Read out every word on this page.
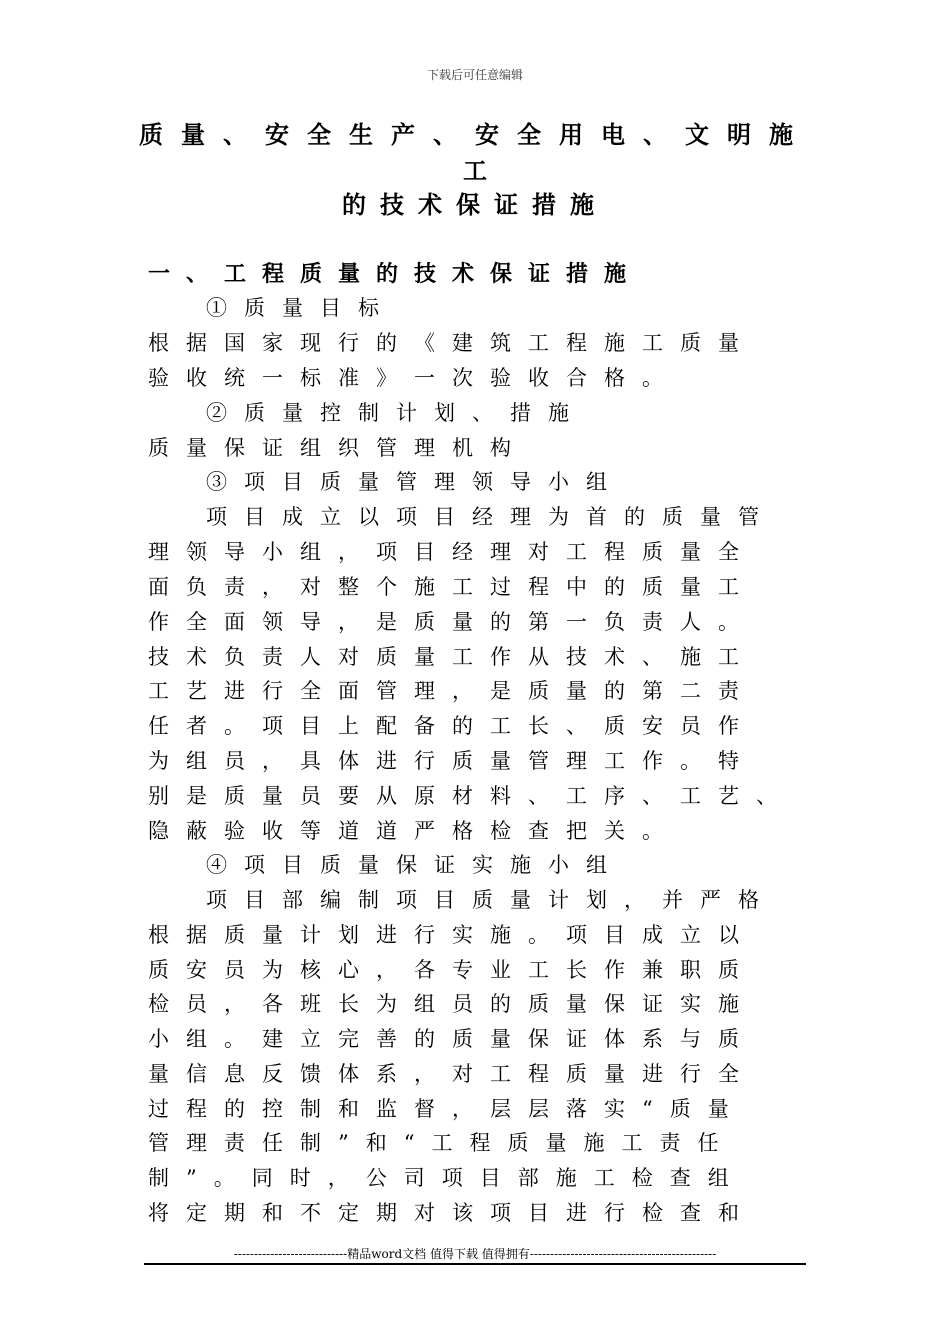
下载后可任意编辑
质量、安全生产、安全用电、文明施
工
的技术保证措施
一、工程质量的技术保证措施
①质量目标
根据国家现行的《建筑工程施工质量
验收统一标准》一次验收合格。
②质量控制计划、措施
质量保证组织管理机构
③项目质量管理领导小组
项目成立以项目经理为首的质量管
理领导小组，项目经理对工程质量全
面负责，对整个施工过程中的质量工
作全面领导，是质量的第一负责人。
技术负责人对质量工作从技术、施工
工艺进行全面管理，是质量的第二责
任者。项目上配备的工长、质安员作
为组员，具体进行质量管理工作。特
别是质量员要从原材料、工序、工艺、
隐蔽验收等道道严格检查把关。
④项目质量保证实施小组
项目部编制项目质量计划，并严格
根据质量计划进行实施。项目成立以
质安员为核心，各专业工长作兼职质
检员，各班长为组员的质量保证实施
小组。建立完善的质量保证体系与质
量信息反馈体系，对工程质量进行全
过程的控制和监督，层层落实“质量
管理责任制”和“工程质量施工责任
制”。同时，公司项目部施工检查组
将定期和不定期对该项目进行检查和
----------------------------精品word文档 值得下载 值得拥有----------------------------------------------
